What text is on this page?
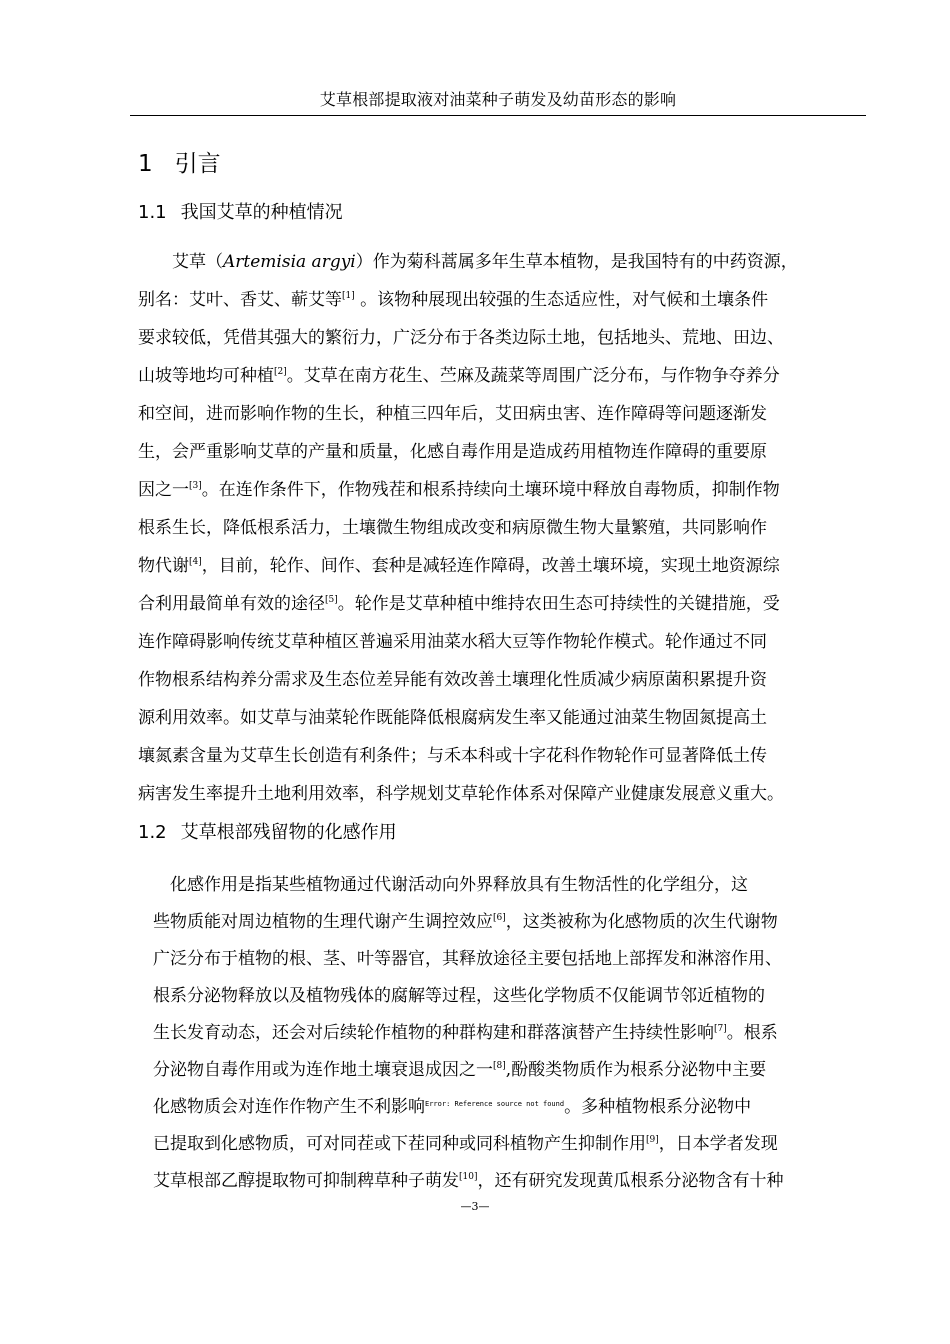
艾草根部提取液对油菜种子萌发及幼苗形态的影响
1 引言
1.1 我国艾草的种植情况
　　艾草（Artemisia argyi）作为菊科蒿属多年生草本植物，是我国特有的中药资源，
别名：艾叶、香艾、蕲艾等[1] 。该物种展现出较强的生态适应性，对气候和土壤条件
要求较低，凭借其强大的繁衍力，广泛分布于各类边际土地，包括地头、荒地、田边、
山坡等地均可种植[2]。艾草在南方花生、苎麻及蔬菜等周围广泛分布，与作物争夺养分
和空间，进而影响作物的生长，种植三四年后，艾田病虫害、连作障碍等问题逐渐发
生，会严重影响艾草的产量和质量，化感自毒作用是造成药用植物连作障碍的重要原
因之一[3]。在连作条件下，作物残茬和根系持续向土壤环境中释放自毒物质，抑制作物
根系生长，降低根系活力，土壤微生物组成改变和病原微生物大量繁殖，共同影响作
物代谢[4]，目前，轮作、间作、套种是减轻连作障碍，改善土壤环境，实现土地资源综
合利用最简单有效的途径[5]。轮作是艾草种植中维持农田生态可持续性的关键措施，受
连作障碍影响传统艾草种植区普遍采用油菜水稻大豆等作物轮作模式。轮作通过不同
作物根系结构养分需求及生态位差异能有效改善土壤理化性质减少病原菌积累提升资
源利用效率。如艾草与油菜轮作既能降低根腐病发生率又能通过油菜生物固氮提高土
壤氮素含量为艾草生长创造有利条件；与禾本科或十字花科作物轮作可显著降低土传
病害发生率提升土地利用效率，科学规划艾草轮作体系对保障产业健康发展意义重大。
1.2 艾草根部残留物的化感作用
　化感作用是指某些植物通过代谢活动向外界释放具有生物活性的化学组分，这
些物质能对周边植物的生理代谢产生调控效应[6]，这类被称为化感物质的次生代谢物
广泛分布于植物的根、茎、叶等器官，其释放途径主要包括地上部挥发和淋溶作用、
根系分泌物释放以及植物残体的腐解等过程，这些化学物质不仅能调节邻近植物的
生长发育动态，还会对后续轮作植物的种群构建和群落演替产生持续性影响[7]。根系
分泌物自毒作用或为连作地土壤衰退成因之一[8],酚酸类物质作为根系分泌物中主要
化感物质会对连作作物产生不利影响$^{Error: Reference source not found}$。多种植物根系分泌物中
已提取到化感物质，可对同茬或下茬同种或同科植物产生抑制作用[9]，日本学者发现
艾草根部乙醇提取物可抑制稗草种子萌发[10]，还有研究发现黄瓜根系分泌物含有十种
—3—
